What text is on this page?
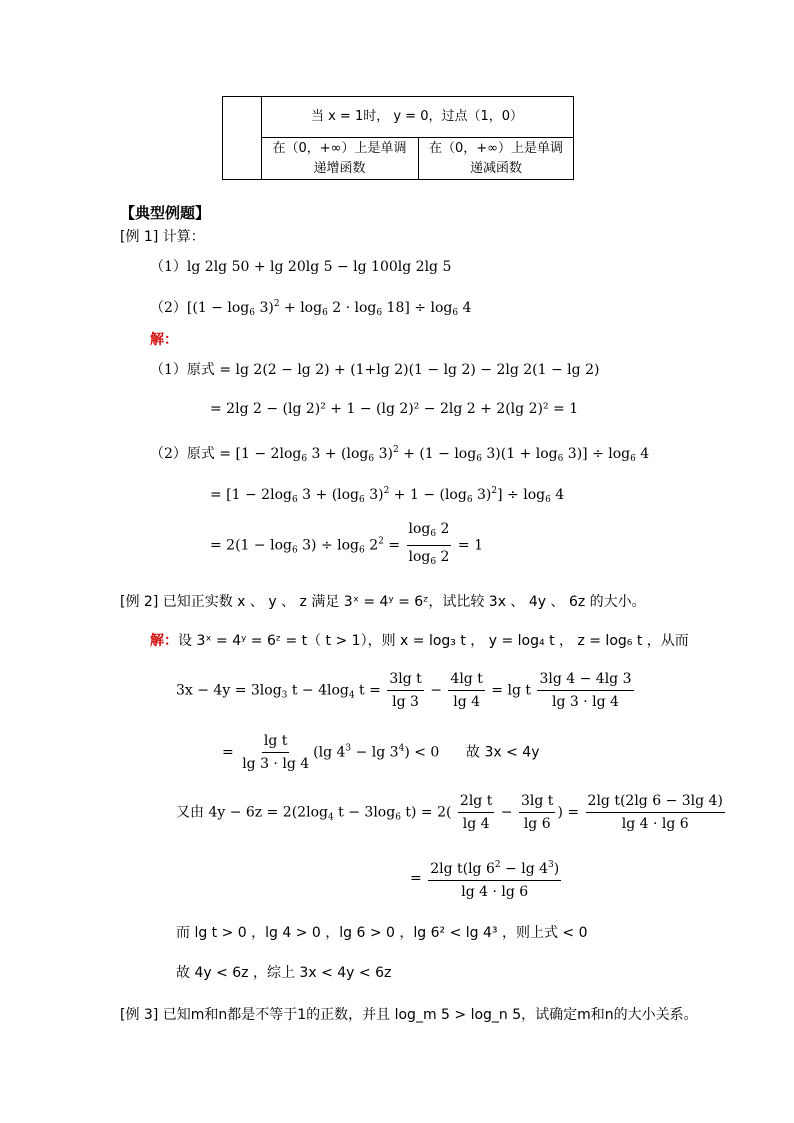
当 x = 1时， y = 0，过点（1，0）
在（0，+∞）上是单调
递增函数
在（0，+∞）上是单调
递减函数
【典型例题】
[例 1] 计算：
（1）lg 2lg 50 + lg 20lg 5 − lg 100lg 2lg 5
$(2)[(1 - \log_6 3)^2 + \log_6 2 \cdot \log_6 18] \div \log_6 4$
解：
（1）原式 = lg 2(2 − lg 2) + (1+lg 2)(1 − lg 2) − 2lg 2(1 − lg 2)
= 2lg 2 − (lg 2)² + 1 − (lg 2)² − 2lg 2 + 2(lg 2)² = 1
（2）原式 = [$1 - 2\log_6$ $3 + (\log_6$ $3)^2 + (1 - \log_6 3)(1 + \log_6 3)] \div \log_6 4$
= [$1 - 2\log_6$ $3 + (\log_6$ $3)^2 + 1 - (\log_6$ $3)^2] \div \log_6 4$
= $2(1 - \log_6 3) \div \log_6 2^2 = \frac{\log_6 2}{\log_6 2} = 1$
[例 2] 已知正实数 x 、 y 、 z 满足 3ˣ = 4ʸ = 6ᶻ，试比较 3x 、 4y 、 6z 的大小。
解：设 3ˣ = 4ʸ = 6ᶻ = t（ t > 1），则 x = log₃ t ， y = log₄ t ， z = log₆ t ，从而
$3x - 4y = 3\log_3$ $t - 4\log_4$ $t = \frac{\text{3lg t}}{\lg 3} - \frac{\text{4lg t}}{\lg 4} = \lg t \frac{3\lg 4 - 4\lg 3}{\lg 3 \cdot \lg 4}$
= $\frac{\text{lg t}}{\lg 3 \cdot \lg 4} (\lg$ $4^3 - \lg 3^4) < 0$      故 3x < 4y
又由 $4y - 6z = 2(2\log_4$ $t - 3\log_6$ $t) = 2( \frac{\text{2lg t}}{\lg 4} - \frac{\text{3lg t}}{\lg 6}$ ) = $\frac{\text{2lg t(2lg 6 − 3lg 4)}}{\lg 4 \cdot \lg 6}$
= $\frac{2\lg t(\lg 6^2 - \lg 4^3)}{\lg 4 \cdot \lg 6}$
而 lg t > 0 ，lg 4 > 0 ，lg 6 > 0 ，lg 6² < lg 4³ ，则上式 < 0
故 4y < 6z ，综上 3x < 4y < 6z
[例 3] 已知m和n都是不等于1的正数，并且 log_m 5 > log_n 5，试确定m和n的大小关系。
